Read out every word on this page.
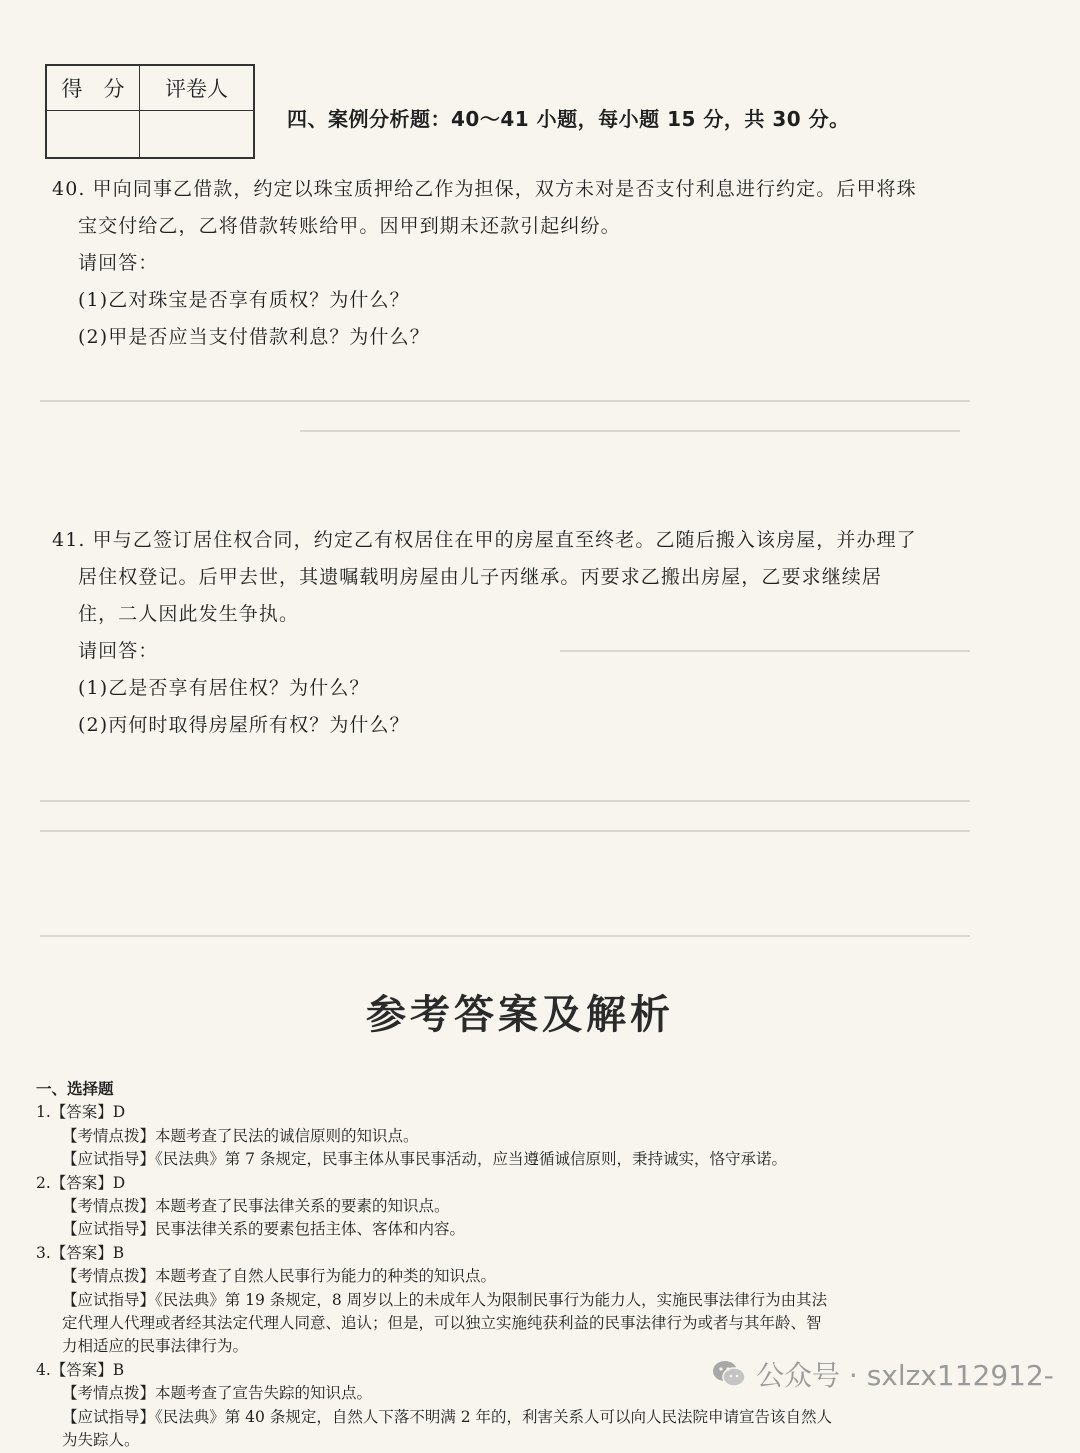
得　分	评卷人

四、案例分析题：40～41 小题，每小题 15 分，共 30 分。
40. 甲向同事乙借款，约定以珠宝质押给乙作为担保，双方未对是否支付利息进行约定。后甲将珠
宝交付给乙，乙将借款转账给甲。因甲到期未还款引起纠纷。
请回答：
(1)乙对珠宝是否享有质权？为什么？
(2)甲是否应当支付借款利息？为什么？
41. 甲与乙签订居住权合同，约定乙有权居住在甲的房屋直至终老。乙随后搬入该房屋，并办理了
居住权登记。后甲去世，其遗嘱载明房屋由儿子丙继承。丙要求乙搬出房屋，乙要求继续居
住，二人因此发生争执。
请回答：
(1)乙是否享有居住权？为什么？
(2)丙何时取得房屋所有权？为什么？
参考答案及解析
一、选择题
1.【答案】D
【考情点拨】本题考查了民法的诚信原则的知识点。
【应试指导】《民法典》第 7 条规定，民事主体从事民事活动，应当遵循诚信原则，秉持诚实，恪守承诺。
2.【答案】D
【考情点拨】本题考查了民事法律关系的要素的知识点。
【应试指导】民事法律关系的要素包括主体、客体和内容。
3.【答案】B
【考情点拨】本题考查了自然人民事行为能力的种类的知识点。
【应试指导】《民法典》第 19 条规定，8 周岁以上的未成年人为限制民事行为能力人，实施民事法律行为由其法
定代理人代理或者经其法定代理人同意、追认；但是，可以独立实施纯获利益的民事法律行为或者与其年龄、智
力相适应的民事法律行为。
4.【答案】B
【考情点拨】本题考查了宣告失踪的知识点。
【应试指导】《民法典》第 40 条规定，自然人下落不明满 2 年的，利害关系人可以向人民法院申请宣告该自然人
为失踪人。
公众号 · sxlzx112912-
